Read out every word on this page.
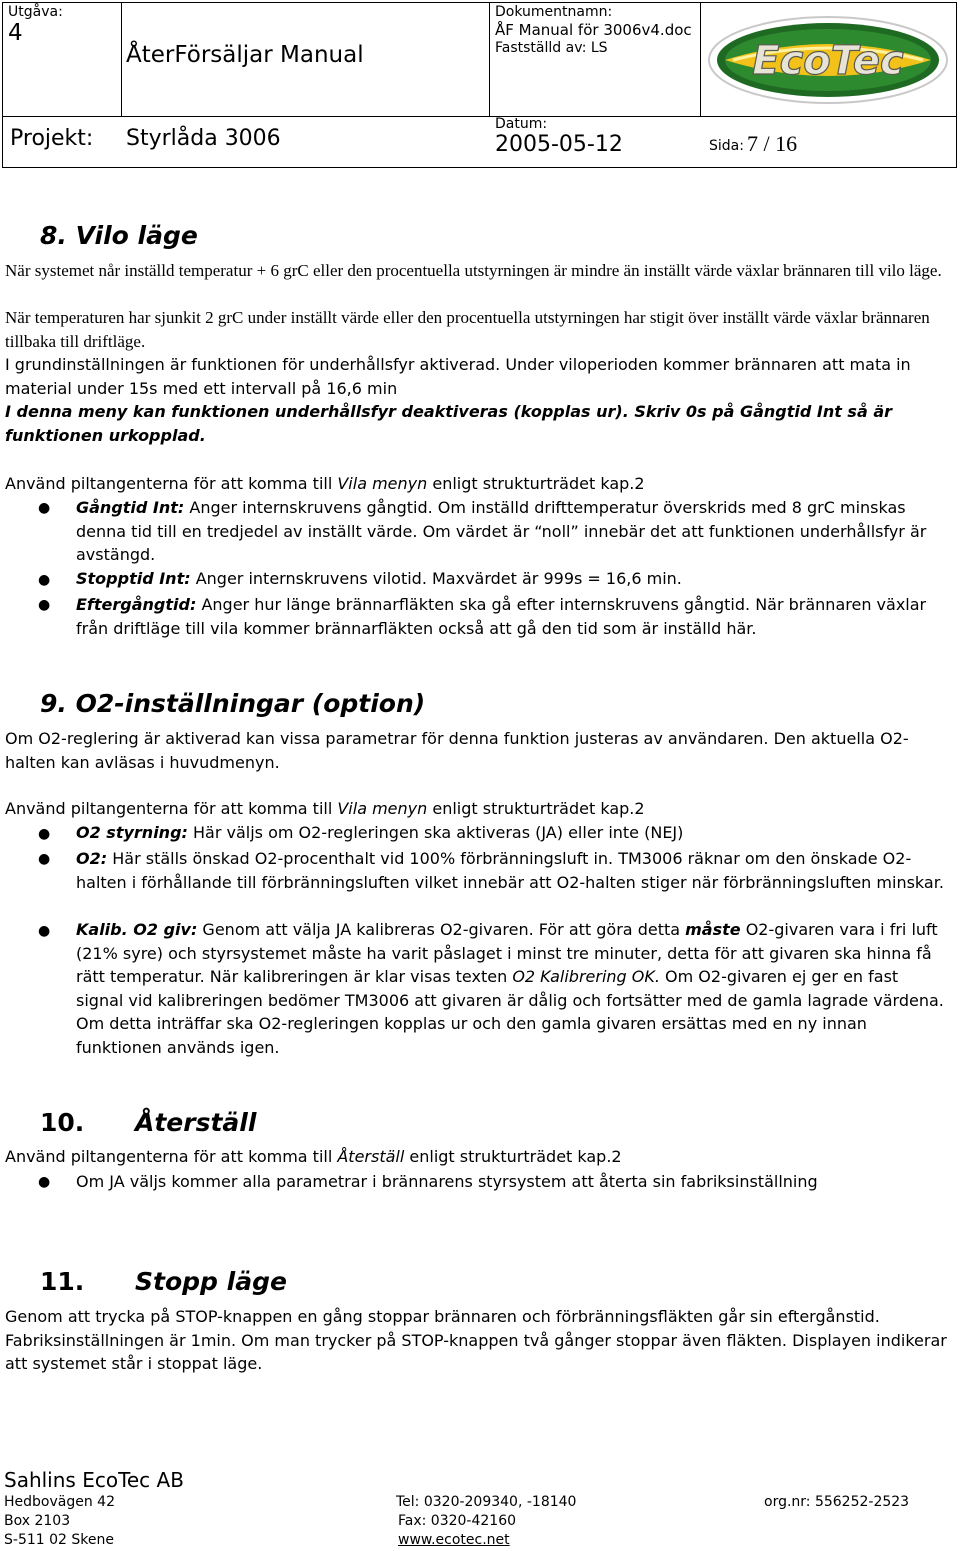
Utgåva:
4
ÅterFörsäljar Manual
Dokumentnamn:
ÅF Manual för 3006v4.doc
Fastställd av: LS	EcoTec
Projekt: Styrlåda 3006
Datum:
2005-05-12	Sida: 7 / 16
8. Vilo läge
När systemet når inställd temperatur + 6 grC eller den procentuella utstyrningen är mindre än inställt värde växlar brännaren till vilo läge.
När temperaturen har sjunkit 2 grC under inställt värde eller den procentuella utstyrningen har stigit över inställt värde växlar brännaren tillbaka till driftläge.
I grundinställningen är funktionen för underhållsfyr aktiverad. Under viloperioden kommer brännaren att mata in material under 15s med ett intervall på 16,6 min
I denna meny kan funktionen underhållsfyr deaktiveras (kopplas ur). Skriv 0s på Gångtid Int så är funktionen urkopplad.
Använd piltangenterna för att komma till Vila menyn enligt strukturträdet kap.2
● Gångtid Int: Anger internskruvens gångtid. Om inställd drifttemperatur överskrids med 8 grC minskas denna tid till en tredjedel av inställt värde. Om värdet är “noll” innebär det att funktionen underhållsfyr är avstängd.
● Stopptid Int: Anger internskruvens vilotid. Maxvärdet är 999s = 16,6 min.
● Eftergångtid: Anger hur länge brännarfläkten ska gå efter internskruvens gångtid. När brännaren växlar från driftläge till vila kommer brännarfläkten också att gå den tid som är inställd här.
9. O2-inställningar (option)
Om O2-reglering är aktiverad kan vissa parametrar för denna funktion justeras av användaren. Den aktuella O2-halten kan avläsas i huvudmenyn.
Använd piltangenterna för att komma till Vila menyn enligt strukturträdet kap.2
● O2 styrning: Här väljs om O2-regleringen ska aktiveras (JA) eller inte (NEJ)
● O2: Här ställs önskad O2-procenthalt vid 100% förbränningsluft in. TM3006 räknar om den önskade O2-halten i förhållande till förbränningsluften vilket innebär att O2-halten stiger när förbränningsluften minskar.
● Kalib. O2 giv: Genom att välja JA kalibreras O2-givaren. För att göra detta måste O2-givaren vara i fri luft (21% syre) och styrsystemet måste ha varit påslaget i minst tre minuter, detta för att givaren ska hinna få rätt temperatur. När kalibreringen är klar visas texten O2 Kalibrering OK. Om O2-givaren ej ger en fast signal vid kalibreringen bedömer TM3006 att givaren är dålig och fortsätter med de gamla lagrade värdena. Om detta inträffar ska O2-regleringen kopplas ur och den gamla givaren ersättas med en ny innan funktionen används igen.
10. Återställ
Använd piltangenterna för att komma till Återställ enligt strukturträdet kap.2
● Om JA väljs kommer alla parametrar i brännarens styrsystem att återta sin fabriksinställning
11. Stopp läge
Genom att trycka på STOP-knappen en gång stoppar brännaren och förbränningsfläkten går sin eftergånstid. Fabriksinställningen är 1min. Om man trycker på STOP-knappen två gånger stoppar även fläkten. Displayen indikerar att systemet står i stoppat läge.
Sahlins EcoTec AB
Hedbovägen 42
Box 2103
S-511 02 Skene
Tel: 0320-209340, -18140
Fax: 0320-42160
www.ecotec.net
org.nr: 556252-2523
